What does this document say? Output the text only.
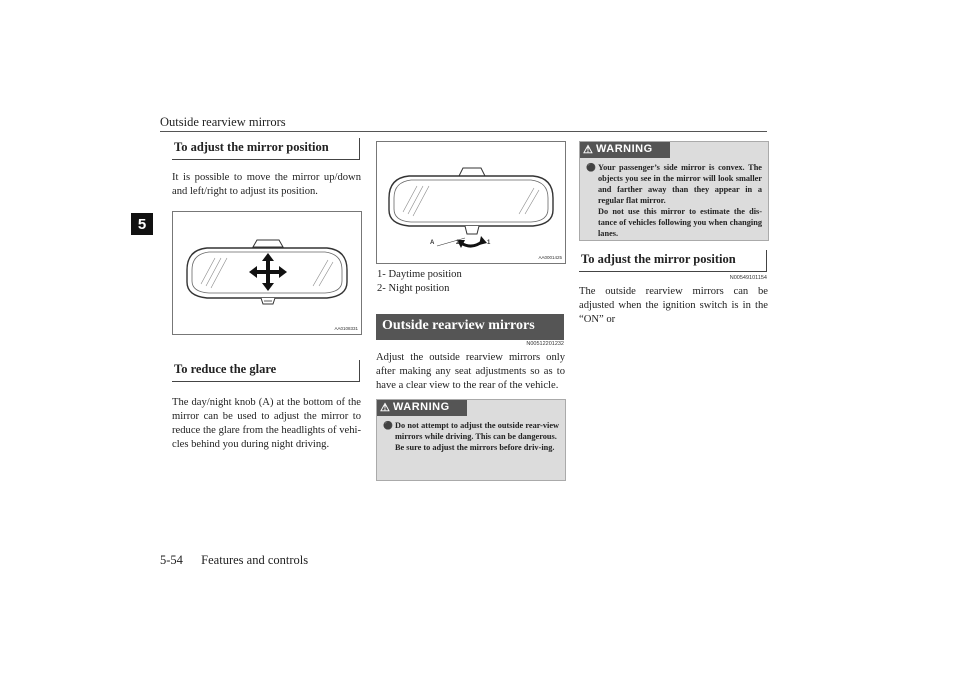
Outside rearview mirrors
5
To adjust the mirror position
It is possible to move the mirror up/down and left/right to adjust its position.
AA0108331
To reduce the glare
The day/night knob (A) at the bottom of the mirror can be used to adjust the mirror to reduce the glare from the headlights of vehi-cles behind you during night driving.
A	2	1
AA0001425
1- Daytime position
2- Night position
Outside rearview mirrors
N00512201232
Adjust the outside rearview mirrors only after making any seat adjustments so as to have a clear view to the rear of the vehicle.
⚠ WARNING
⚫ Do not attempt to adjust the outside rear-view mirrors while driving. This can be dangerous.
Be sure to adjust the mirrors before driv-ing.
⚠ WARNING
⚫ Your passenger’s side mirror is convex. The objects you see in the mirror will look smaller and farther away than they appear in a regular flat mirror.
Do not use this mirror to estimate the dis-tance of vehicles following you when changing lanes.
To adjust the mirror position
N00549101154
The outside rearview mirrors can be adjusted when the ignition switch is in the “ON” or
5-54 Features and controls
